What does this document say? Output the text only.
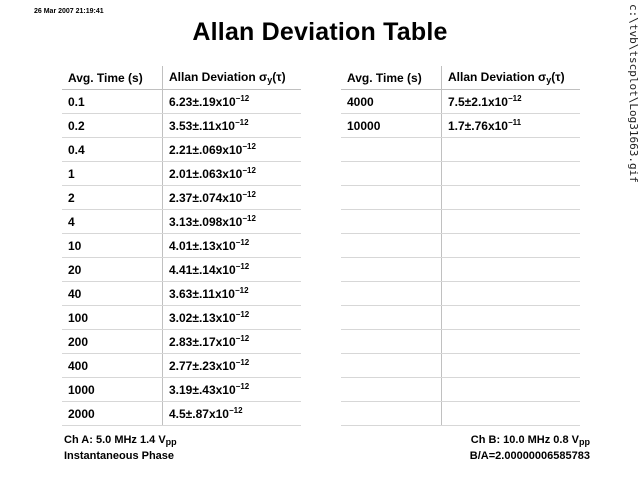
26 Mar 2007 21:19:41
Allan Deviation Table	c:\tvb\tscplot\Log31663.gif
Avg. Time (s)	Allan Deviation $\sigma_y(\tau)$
0.1	$6.23\pm.19x10^{-12}$
0.2	$3.53\pm.11x10^{-12}$
0.4	$2.21\pm.069x10^{-12}$
1	$2.01\pm.063x10^{-12}$
2	$2.37\pm.074x10^{-12}$
4	$3.13\pm.098x10^{-12}$
10	$4.01\pm.13x10^{-12}$
20	$4.41\pm.14x10^{-12}$
40	$3.63\pm.11x10^{-12}$
100	$3.02\pm.13x10^{-12}$
200	$2.83\pm.17x10^{-12}$
400	$2.77\pm.23x10^{-12}$
1000	$3.19\pm.43x10^{-12}$
2000	$4.5\pm.87x10^{-12}$
Avg. Time (s)	Allan Deviation $\sigma_y(\tau)$
4000	$7.5\pm 2.1x10^{-12}$
10000	$1.7\pm.76x10^{-11}$

Ch A: 5.0 MHz 1.4 $V_{pp}$
Instantaneous Phase
Ch B: 10.0 MHz 0.8 $V_{pp}$
B/A=2.00000006585783
